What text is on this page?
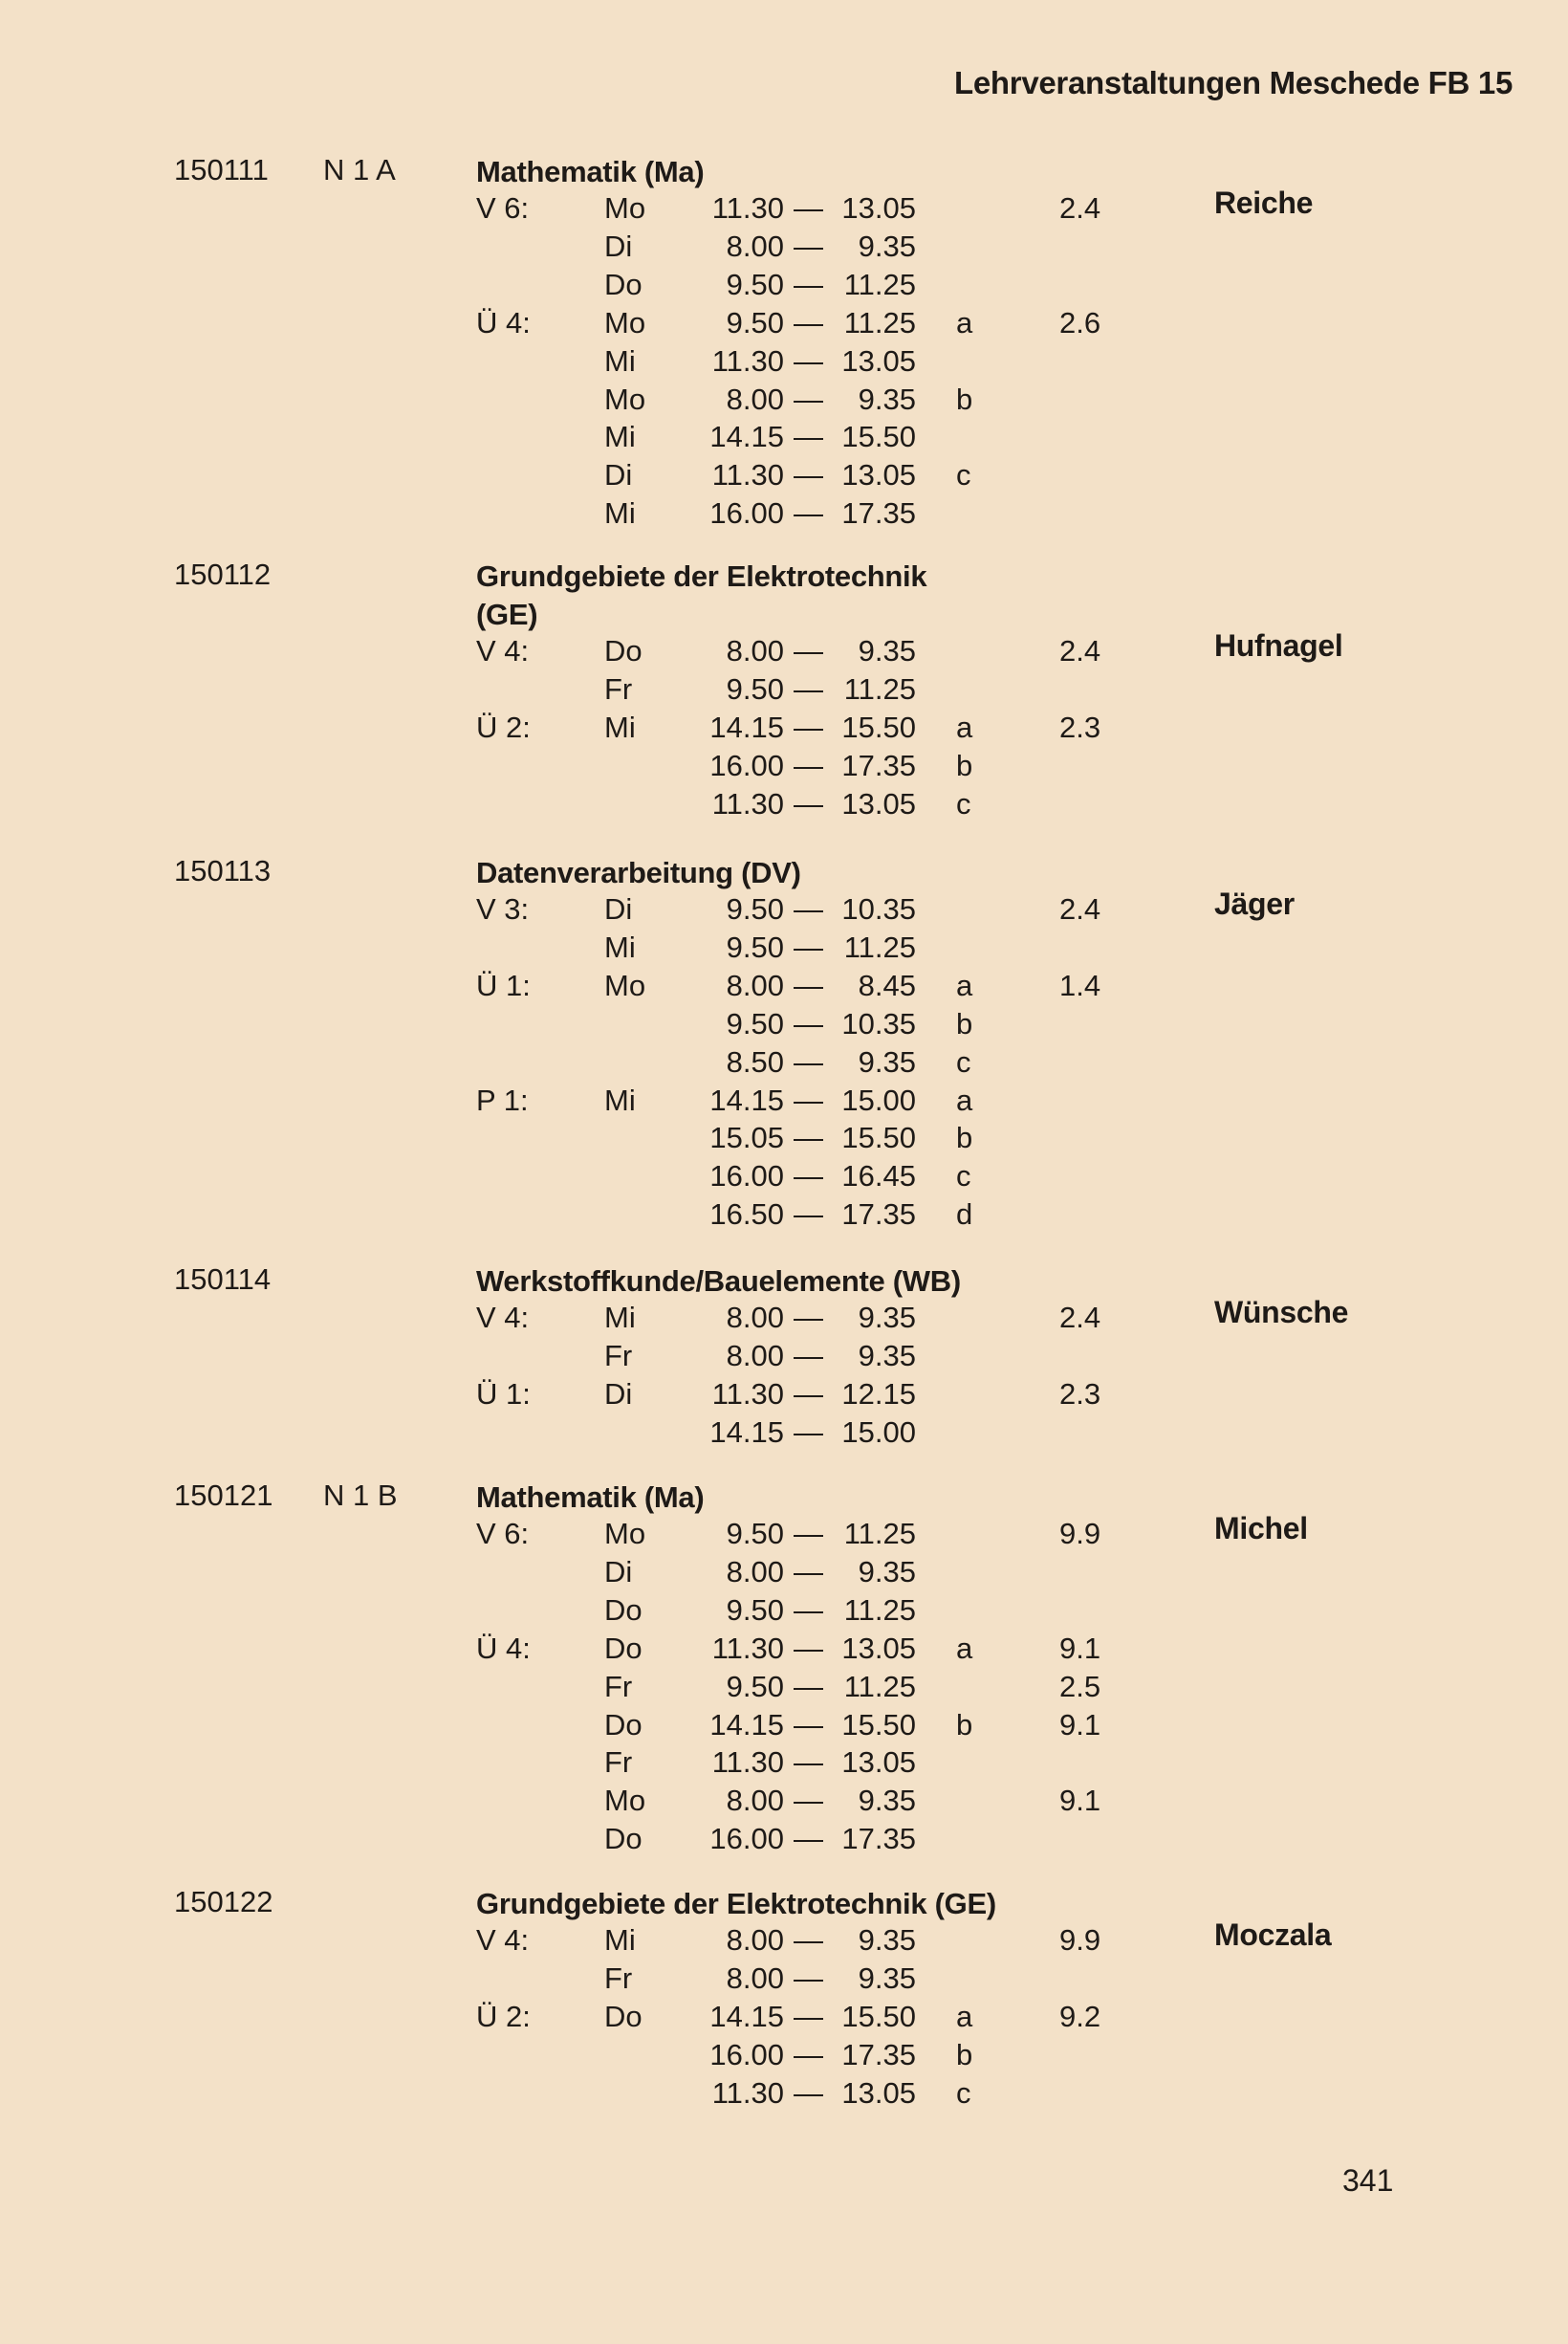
Lehrveranstaltungen Meschede FB 15
150111 N 1 A	Mathematik (Ma)
Reiche
V 6:	Mo	11.30 — 13.05	2.4
Di	8.00 —	9.35
Do	9.50 — 11.25
Ü 4: Mo	9.50 — 11.25 a	2.6
Mi	11.30 — 13.05
Mo	8.00 —	9.35 b
Mi	14.15 — 15.50
Di	11.30 — 13.05 c
Mi	16.00 — 17.35
150112	Grundgebiete der Elektrotechnik (GE)
Hufnagel
V 4:	Do	8.00 —	9.35	2.4
Fr	9.50 — 11.25
Ü 2: Mi	14.15 — 15.50 a	2.3
16.00 — 17.35 b
11.30 — 13.05 c
150113	Datenverarbeitung (DV)
Jäger
V 3:	Di	9.50 — 10.35	2.4
Mi	9.50 — 11.25
Ü 1: Mo	8.00 —	8.45 a	1.4
9.50 — 10.35 b
8.50 —	9.35 c
P 1:	Mi	14.15 — 15.00 a
15.05 — 15.50 b
16.00 — 16.45 c
16.50 — 17.35 d
150114	Werkstoffkunde/Bauelemente (WB)
Wünsche
V 4:	Mi	8.00 —	9.35	2.4
Fr	8.00 —	9.35
Ü 1: Di	11.30 — 12.15	2.3
14.15 — 15.00
150121 N 1 B	Mathematik (Ma)
Michel
V 6:	Mo	9.50 — 11.25	9.9
Di	8.00 —	9.35
Do	9.50 — 11.25
Ü 4: Do	11.30 — 13.05 a	9.1
Fr	9.50 — 11.25	2.5
Do	14.15 — 15.50 b	9.1
Fr	11.30 — 13.05
Mo	8.00 —	9.35	9.1
Do	16.00 — 17.35
150122	Grundgebiete der Elektrotechnik (GE)
Moczala
V 4:	Mi	8.00 —	9.35	9.9
Fr	8.00 —	9.35
Ü 2: Do	14.15 — 15.50 a	9.2
16.00 — 17.35 b
11.30 — 13.05 c
341
